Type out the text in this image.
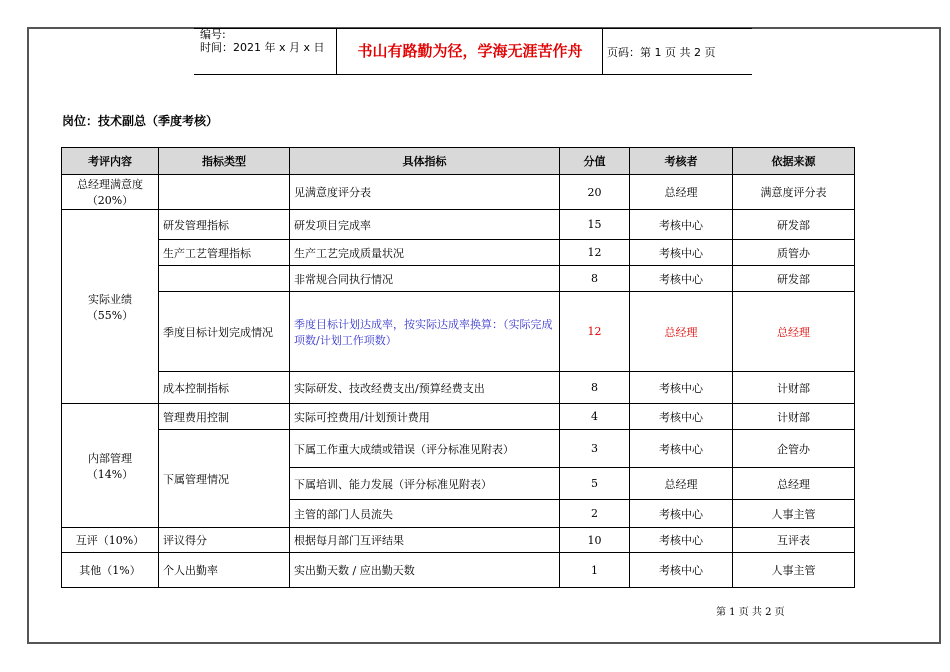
编号:
时间：2021 年 x 月 x 日	书山有路勤为径，学海无涯苦作舟	页码：第 1 页 共 2 页
岗位：技术副总（季度考核）
考评内容	指标类型	具体指标	分值	考核者	依据来源
总经理满意度（20%）		见满意度评分表	20	总经理	满意度评分表
实际业绩（55%）	研发管理指标	研发项目完成率	15	考核中心	研发部
	生产工艺管理指标	生产工艺完成质量状况	12	考核中心	质管办
		非常规合同执行情况	8	考核中心	研发部
	季度目标计划完成情况	季度目标计划达成率，按实际达成率换算：（实际完成项数/计划工作项数）	12	总经理	总经理
	成本控制指标	实际研发、技改经费支出/预算经费支出	8	考核中心	计财部
内部管理（14%）	管理费用控制	实际可控费用/计划预计费用	4	考核中心	计财部
	下属管理情况	下属工作重大成绩或错误（评分标准见附表）	3	考核中心	企管办
		下属培训、能力发展（评分标准见附表）	5	总经理	总经理
		主管的部门人员流失	2	考核中心	人事主管
互评（10%）	评议得分	根据每月部门互评结果	10	考核中心	互评表
其他（1%）	个人出勤率	实出勤天数 / 应出勤天数	1	考核中心	人事主管
第 1 页 共 2 页
